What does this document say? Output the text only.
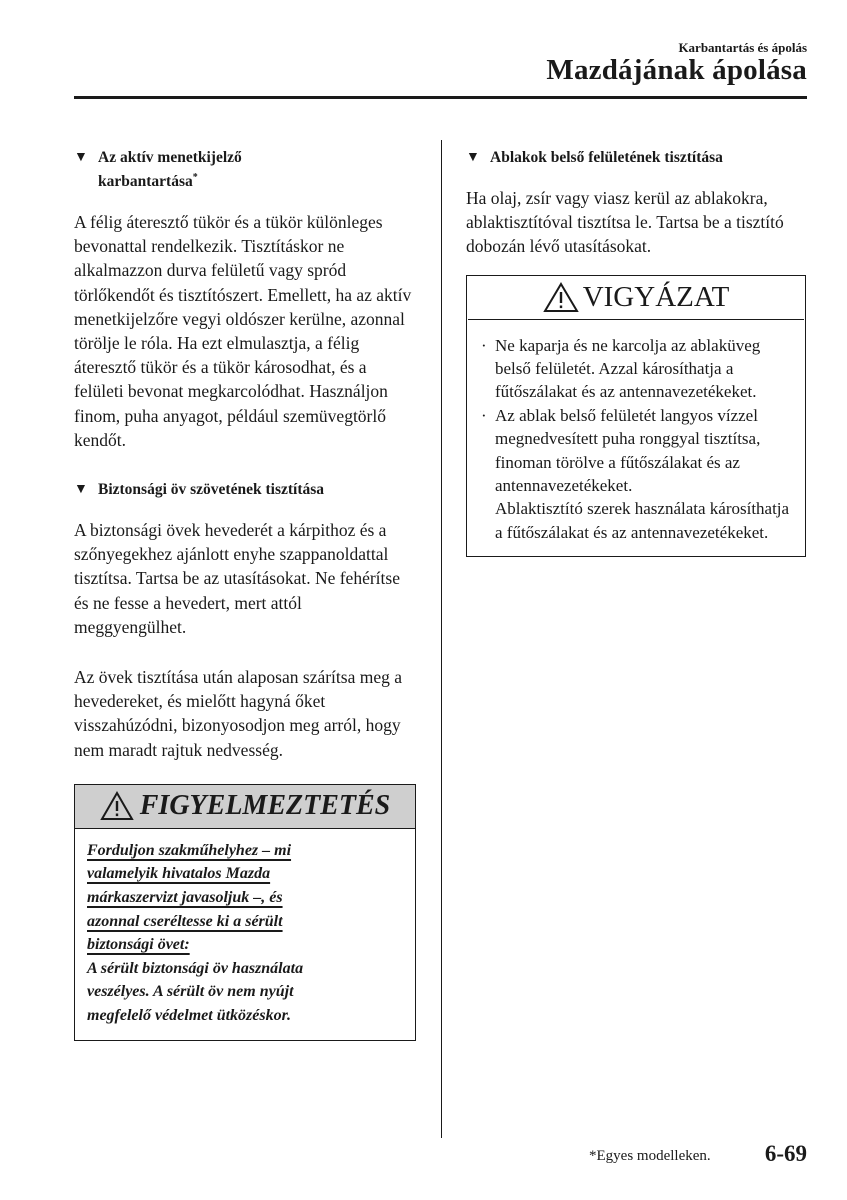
Karbantartás és ápolás
Mazdájának ápolása
▼ Az aktív menetkijelző
karbantartása*

A félig áteresztő tükör és a tükör különleges bevonattal rendelkezik. Tisztításkor ne alkalmazzon durva felületű vagy spród törlőkendőt és tisztítószert. Emellett, ha az aktív menetkijelzőre vegyi oldószer kerülne, azonnal törölje le róla. Ha ezt elmulasztja, a félig áteresztő tükör és a tükör károsodhat, és a felületi bevonat megkarcolódhat. Használjon finom, puha anyagot, például szemüvegtörlő kendőt.

▼ Biztonsági öv szövetének tisztítása

A biztonsági övek hevederét a kárpithoz és a szőnyegekhez ajánlott enyhe szappanoldattal tisztítsa. Tartsa be az utasításokat. Ne fehérítse és ne fesse a hevedert, mert attól meggyengülhet.

Az övek tisztítása után alaposan szárítsa meg a hevedereket, és mielőtt hagyná őket visszahúzódni, bizonyosodjon meg arról, hogy nem maradt rajtuk nedvesség.

FIGYELMEZTETÉS
Forduljon szakműhelyhez – mi
valamelyik hivatalos Mazda
márkaszervizt javasoljuk –, és
azonnal cseréltesse ki a sérült
biztonsági övet:
A sérült biztonsági öv használata
veszélyes. A sérült öv nem nyújt
megfelelő védelmet ütközéskor.
▼ Ablakok belső felületének tisztítása

Ha olaj, zsír vagy viasz kerül az ablakokra, ablaktisztítóval tisztítsa le. Tartsa be a tisztító dobozán lévő utasításokat.

VIGYÁZAT
· Ne kaparja és ne karcolja az ablaküveg belső felületét. Azzal károsíthatja a fűtőszálakat és az antennavezetékeket.
· Az ablak belső felületét langyos vízzel megnedvesített puha ronggyal tisztítsa, finoman törölve a fűtőszálakat és az antennavezetékeket.
Ablaktisztító szerek használata károsíthatja a fűtőszálakat és az antennavezetékeket.
*Egyes modelleken. 6-69
